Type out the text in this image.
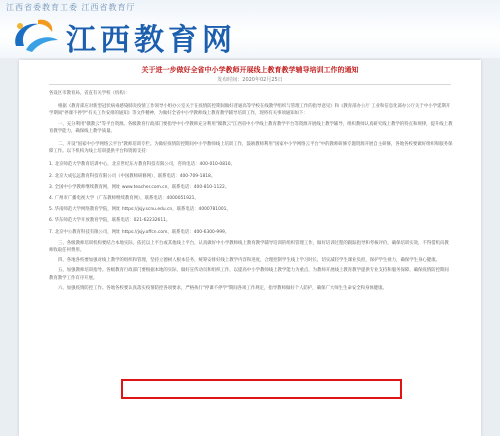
江西省委教育工委 江西省教育厅
江西教育网
关于进一步做好全省中小学教师开展线上教育教学辅导培训工作的通知
发布时间：2020年02月25日
各设区市教育局，省直有关学校（机构）：
根据《教育部应对新型冠状病毒感染肺炎疫情工作领导小组办公室关于在疫情防控期间做好普通高等学校在线教学组织与管理工作的指导意见》和《教育部办公厅 工业和信息化部办公厅关于中小学延期开学期间"停课不停学"有关工作安排的通知》等文件精神，为做好全省中小学教师线上教育教学辅导培训工作，现将有关事项通知如下：
一、充分利用"赣教云"等平台资源。各级教育行政部门要指导中小学教师充分利用"赣教云"江西省中小学线上教育教学平台等资源开展线上教学辅导，组织教师认真研究线上教学的特点和规律，提升线上教育教学能力，确保线上教学质量。
二、开设"国家中小学网络云平台"教师培训专栏。为做好疫情防控期间中小学教师线上培训工作，鼓励教师利用"国家中小学网络云平台"中的教师研修专题资源开展自主研修，各地各校要做好组织和服务保障工作。以下机构为线上培训提供平台和资源支持：
1. 北京师范大学教育培训中心，北京世纪东方教育科技有限公司，咨询电话：400-010-0810。
2. 北京大成弘远教育科技有限公司（中国教师研修网），联系电话：400-709-1818。
3. 全国中小学教师继续教育网，网址 www.teacher.com.cn，联系电话：400-810-1122。
4. 广州市广播电视大学（广东教师继续教育网），联系电话：4000051921。
5. 华南师范大学网络教育学院，网址 https://jsjy.scnu.edu.cn，联系电话：4000781001。
6. 华东师范大学开放教育学院，联系电话：021-62232611。
7. 北京中公教育科技有限公司，网址 https://jsjy.offcn.com，联系电话：400-6300-999。
三、各级教师培训机构要结合本地实际，依托以上平台或其他线上平台，认真做好中小学教师线上教育教学辅导培训的组织管理工作，做好培训过程的跟踪指导和考核评价，确保培训实效，不得借机向教师收取任何费用。
四、各地各校要加强对线上教学的组织和管理，坚持立德树人根本任务，统筹安排好线上教学内容和进度，合理控制学生线上学习时长，切实减轻学生课业负担，保护学生视力，确保学生身心健康。
五、加强教师培训指导。各级教育行政部门要根据本地的实际，做好宣传动员和组织工作，以提高中小学教师线上教学能力为重点，为教师开展线上教育教学提供专业支持和服务保障，确保疫情防控期间教育教学工作有序开展。
六、加强疫情防控工作。各地各校要认真落实疫情防控各项要求，严格执行"停课不停学"期间各项工作规定，指导教师做好个人防护，确保广大师生生命安全和身体健康。
